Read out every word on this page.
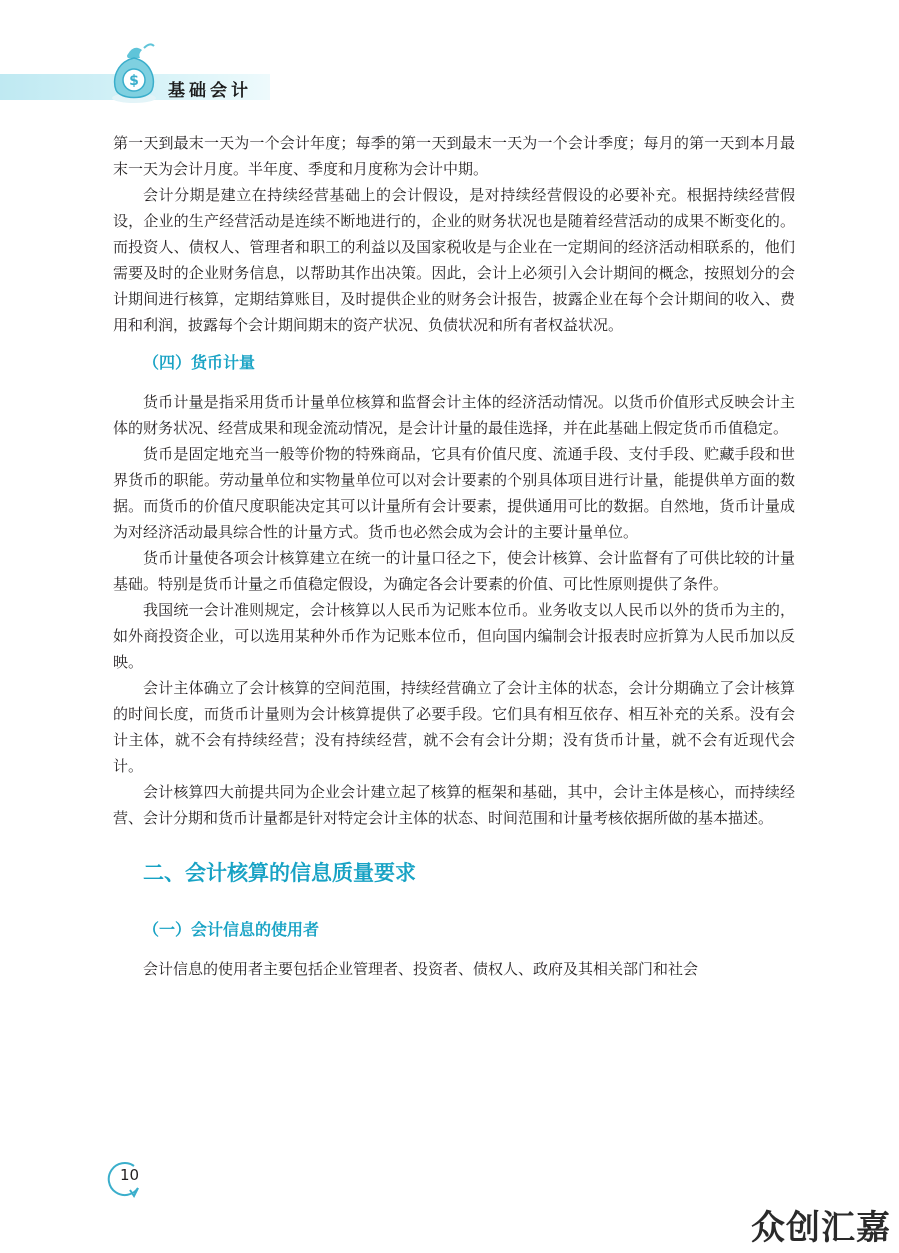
$ 基础会计

第一天到最末一天为一个会计年度；每季的第一天到最末一天为一个会计季度；每月的第一天到本月最末一天为会计月度。半年度、季度和月度称为会计中期。

会计分期是建立在持续经营基础上的会计假设，是对持续经营假设的必要补充。根据持续经营假设，企业的生产经营活动是连续不断地进行的，企业的财务状况也是随着经营活动的成果不断变化的。而投资人、债权人、管理者和职工的利益以及国家税收是与企业在一定期间的经济活动相联系的，他们需要及时的企业财务信息，以帮助其作出决策。因此，会计上必须引入会计期间的概念，按照划分的会计期间进行核算，定期结算账目，及时提供企业的财务会计报告，披露企业在每个会计期间的收入、费用和利润，披露每个会计期间期末的资产状况、负债状况和所有者权益状况。

（四）货币计量

货币计量是指采用货币计量单位核算和监督会计主体的经济活动情况。以货币价值形式反映会计主体的财务状况、经营成果和现金流动情况，是会计计量的最佳选择，并在此基础上假定货币币值稳定。

货币是固定地充当一般等价物的特殊商品，它具有价值尺度、流通手段、支付手段、贮藏手段和世界货币的职能。劳动量单位和实物量单位可以对会计要素的个别具体项目进行计量，能提供单方面的数据。而货币的价值尺度职能决定其可以计量所有会计要素，提供通用可比的数据。自然地，货币计量成为对经济活动最具综合性的计量方式。货币也必然会成为会计的主要计量单位。

货币计量使各项会计核算建立在统一的计量口径之下，使会计核算、会计监督有了可供比较的计量基础。特别是货币计量之币值稳定假设，为确定各会计要素的价值、可比性原则提供了条件。

我国统一会计准则规定，会计核算以人民币为记账本位币。业务收支以人民币以外的货币为主的，如外商投资企业，可以选用某种外币作为记账本位币，但向国内编制会计报表时应折算为人民币加以反映。

会计主体确立了会计核算的空间范围，持续经营确立了会计主体的状态，会计分期确立了会计核算的时间长度，而货币计量则为会计核算提供了必要手段。它们具有相互依存、相互补充的关系。没有会计主体，就不会有持续经营；没有持续经营，就不会有会计分期；没有货币计量，就不会有近现代会计。

会计核算四大前提共同为企业会计建立起了核算的框架和基础，其中，会计主体是核心，而持续经营、会计分期和货币计量都是针对特定会计主体的状态、时间范围和计量考核依据所做的基本描述。

二、会计核算的信息质量要求
（一）会计信息的使用者

会计信息的使用者主要包括企业管理者、投资者、债权人、政府及其相关部门和社会

10
众创汇嘉
